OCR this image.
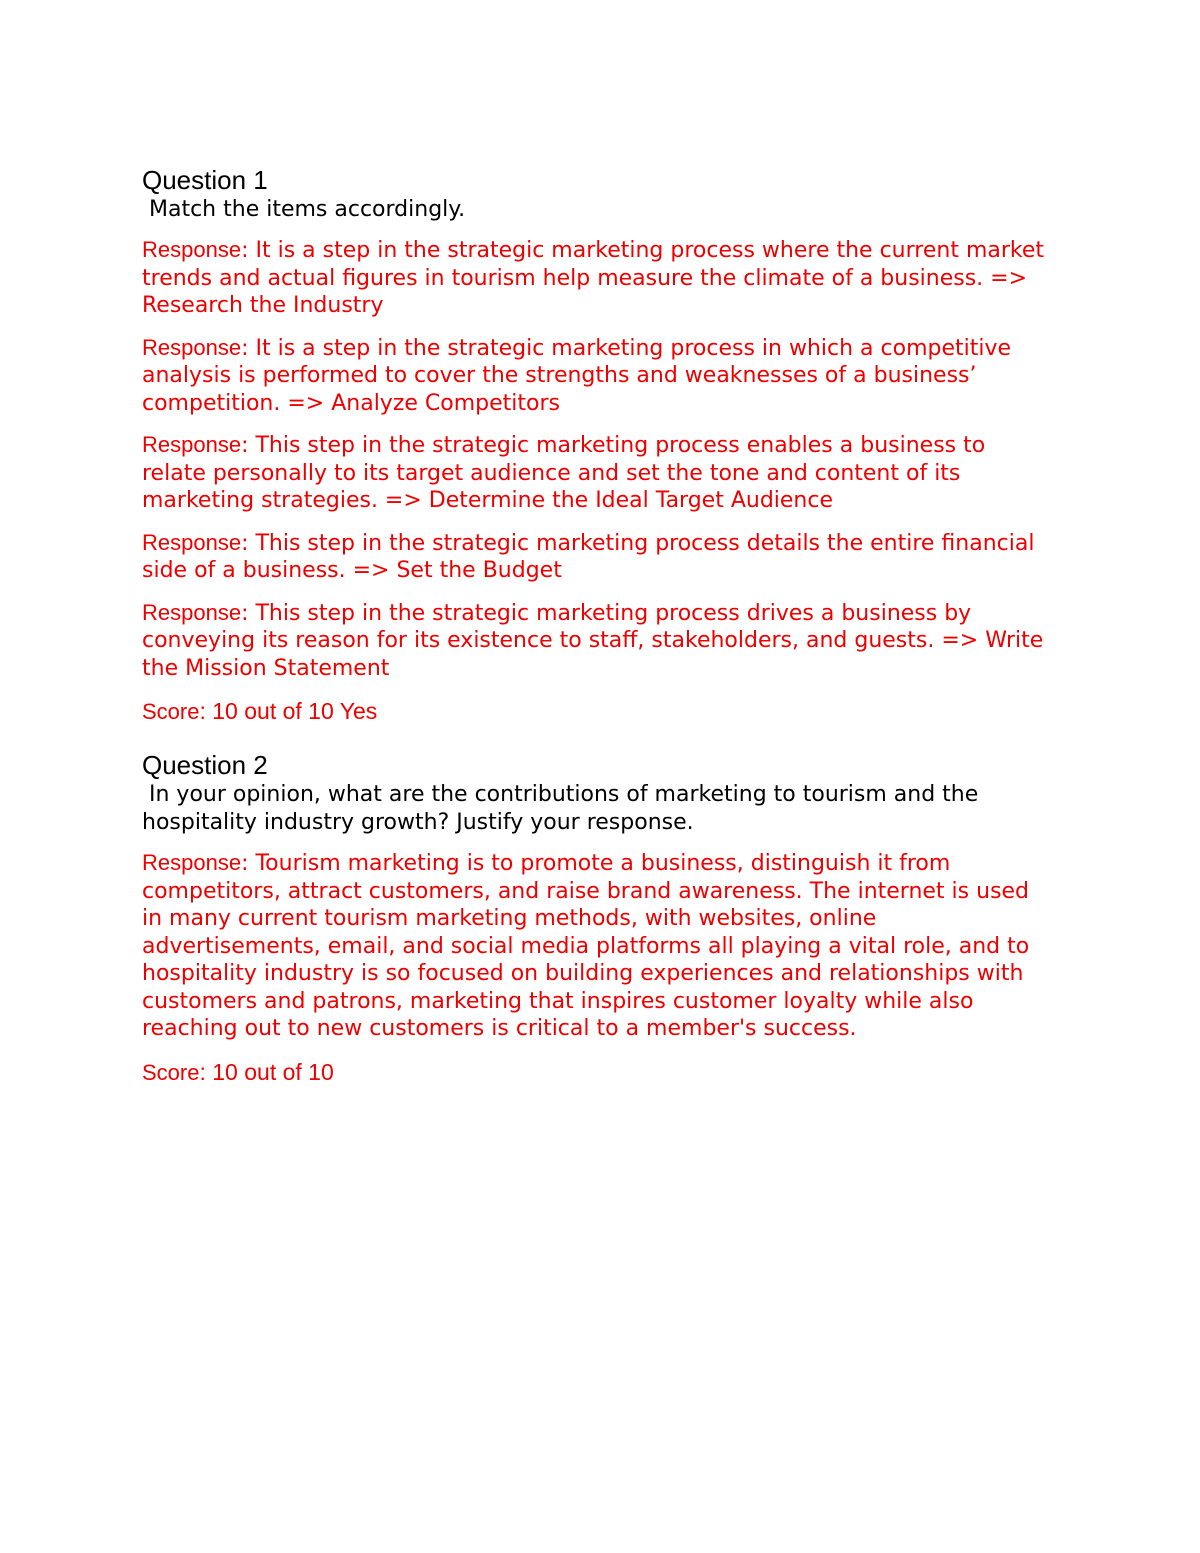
Question 1

Match the items accordingly.

Response: It is a step in the strategic marketing process where the current market trends and actual figures in tourism help measure the climate of a business. => Research the Industry

Response: It is a step in the strategic marketing process in which a competitive analysis is performed to cover the strengths and weaknesses of a business’ competition. => Analyze Competitors

Response: This step in the strategic marketing process enables a business to relate personally to its target audience and set the tone and content of its marketing strategies. => Determine the Ideal Target Audience

Response: This step in the strategic marketing process details the entire financial side of a business. => Set the Budget

Response: This step in the strategic marketing process drives a business by conveying its reason for its existence to staff, stakeholders, and guests. => Write the Mission Statement

Score: 10 out of 10 Yes

Question 2

In your opinion, what are the contributions of marketing to tourism and the hospitality industry growth? Justify your response.

Response: Tourism marketing is to promote a business, distinguish it from competitors, attract customers, and raise brand awareness. The internet is used in many current tourism marketing methods, with websites, online advertisements, email, and social media platforms all playing a vital role, and to hospitality industry is so focused on building experiences and relationships with customers and patrons, marketing that inspires customer loyalty while also reaching out to new customers is critical to a member's success.

Score: 10 out of 10
